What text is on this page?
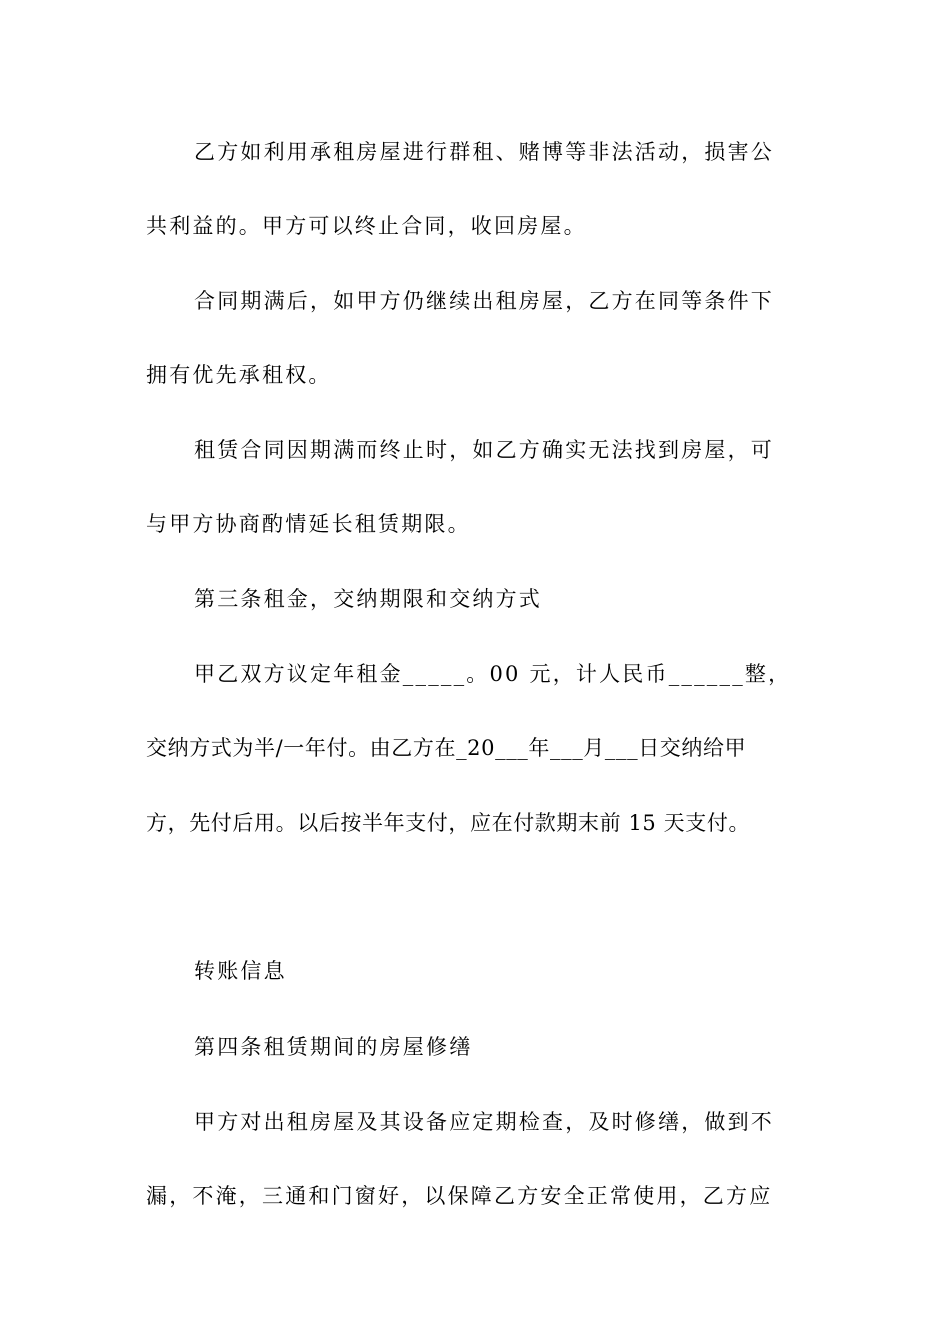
乙方如利用承租房屋进行群租、赌博等非法活动，损害公
共利益的。甲方可以终止合同，收回房屋。
合同期满后，如甲方仍继续出租房屋，乙方在同等条件下
拥有优先承租权。
租赁合同因期满而终止时，如乙方确实无法找到房屋，可
与甲方协商酌情延长租赁期限。
第三条租金，交纳期限和交纳方式
甲乙双方议定年租金_____。00 元，计人民币______整，
交纳方式为半/一年付。由乙方在_20___年___月___日交纳给甲
方，先付后用。以后按半年支付，应在付款期末前 15 天支付。
转账信息
第四条租赁期间的房屋修缮
甲方对出租房屋及其设备应定期检查，及时修缮，做到不
漏，不淹，三通和门窗好，以保障乙方安全正常使用，乙方应
